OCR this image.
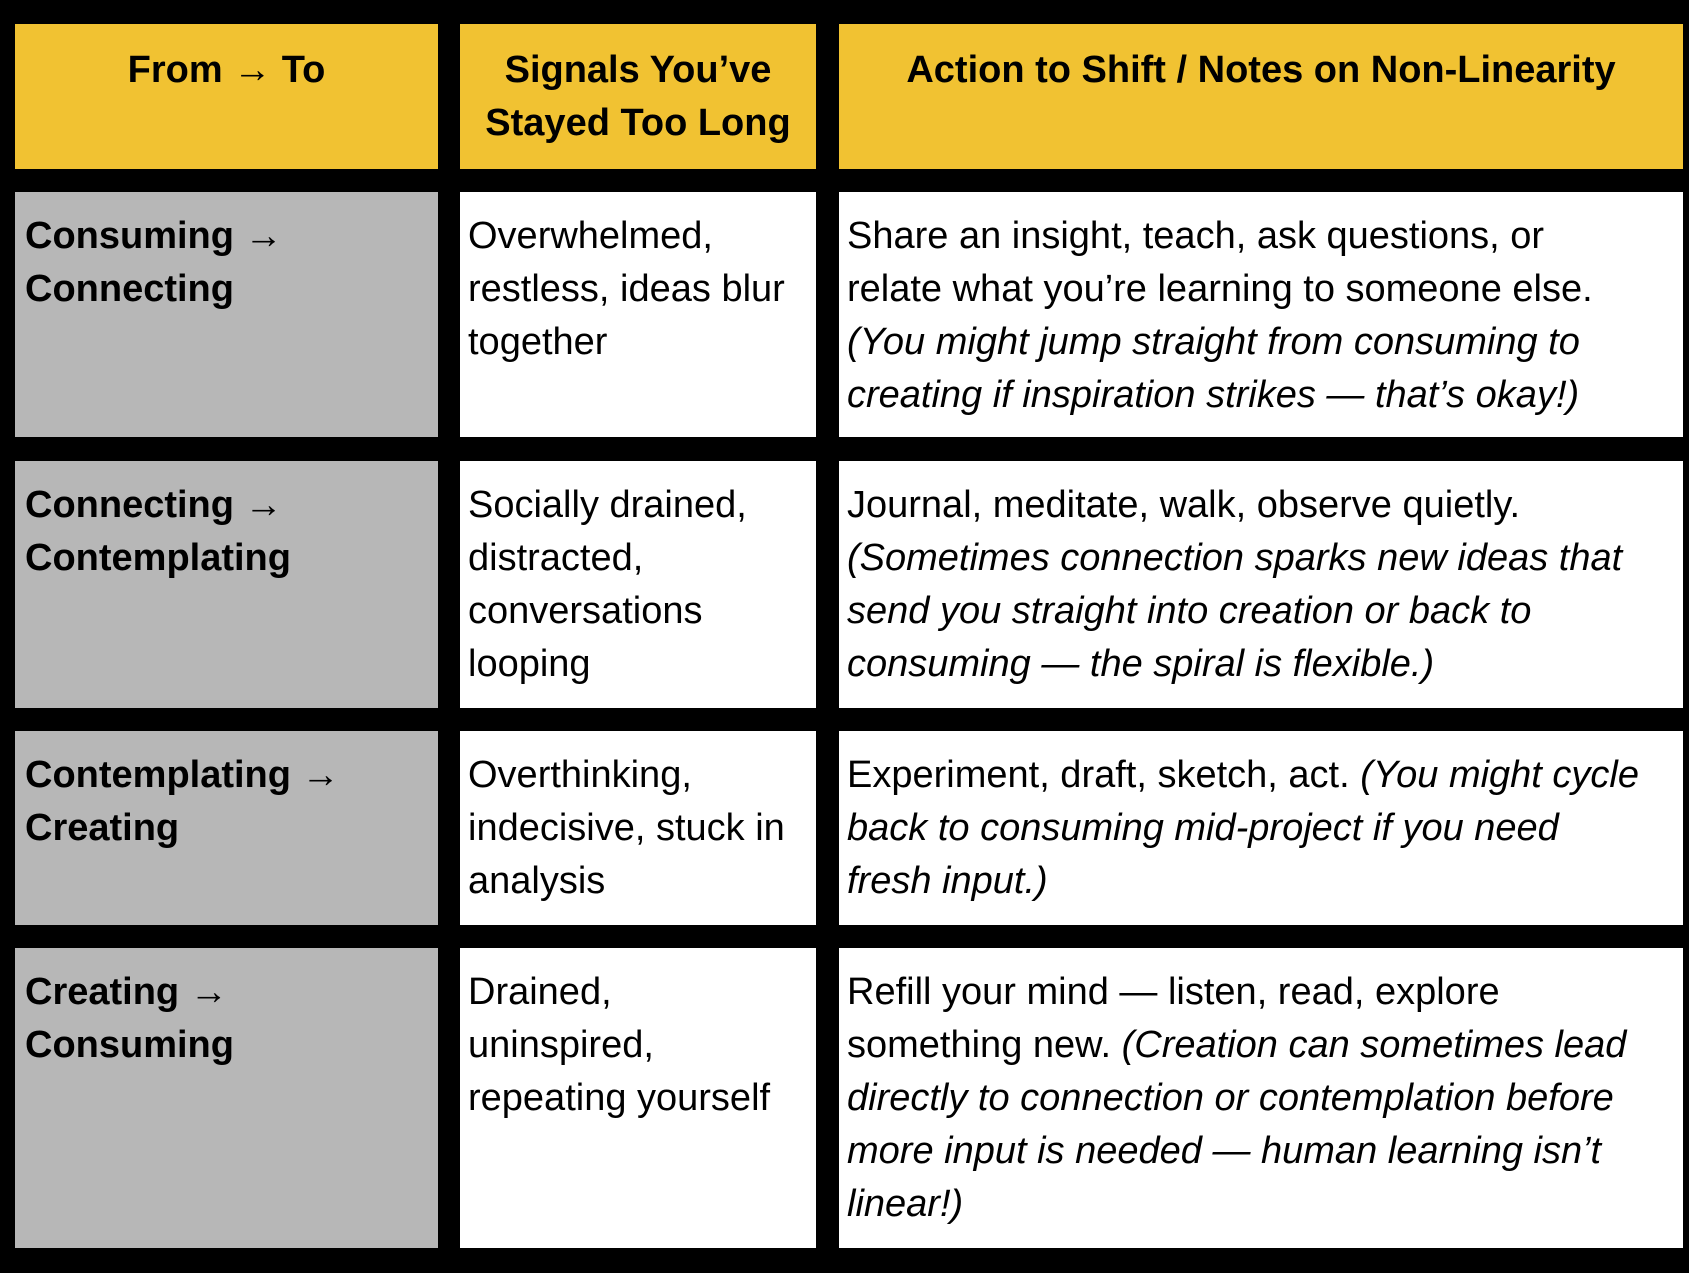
From → To	Signals You’ve
Stayed Too Long
Action to Shift / Notes on Non-Linearity
Consuming →
Connecting
Overwhelmed,
restless, ideas blur
together
Share an insight, teach, ask questions, or
relate what you’re learning to someone else.
(You might jump straight from consuming to
creating if inspiration strikes — that’s okay!)
Connecting →
Contemplating
Socially drained,
distracted,
conversations
looping
Journal, meditate, walk, observe quietly.
(Sometimes connection sparks new ideas that
send you straight into creation or back to
consuming — the spiral is flexible.)
Contemplating →
Creating
Overthinking,
indecisive, stuck in
analysis
Experiment, draft, sketch, act. (You might cycle
back to consuming mid-project if you need
fresh input.)
Creating →
Consuming
Drained,
uninspired,
repeating yourself
Refill your mind — listen, read, explore
something new. (Creation can sometimes lead
directly to connection or contemplation before
more input is needed — human learning isn’t
linear!)
